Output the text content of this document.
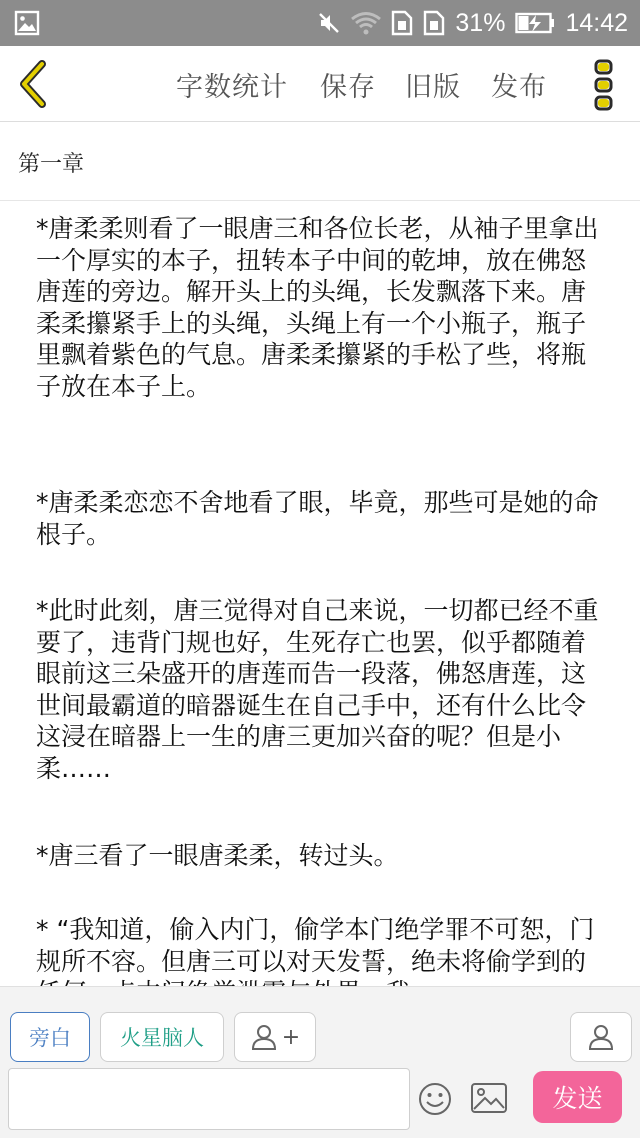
31% 14:42
字数统计 保存 旧版 发布
第一章

*唐柔柔则看了一眼唐三和各位长老，从袖子里拿出一个厚实的本子，扭转本子中间的乾坤，放在佛怒唐莲的旁边。解开头上的头绳，长发飘落下来。唐柔柔攥紧手上的头绳，头绳上有一个小瓶子，瓶子里飘着紫色的气息。唐柔柔攥紧的手松了些，将瓶子放在本子上。

*唐柔柔恋恋不舍地看了眼，毕竟，那些可是她的命根子。

*此时此刻，唐三觉得对自己来说，一切都已经不重要了，违背门规也好，生死存亡也罢，似乎都随着眼前这三朵盛开的唐莲而告一段落，佛怒唐莲，这世间最霸道的暗器诞生在自己手中，还有什么比令这浸在暗器上一生的唐三更加兴奋的呢？但是小柔……

*唐三看了一眼唐柔柔，转过头。

* “我知道，偷入内门，偷学本门绝学罪不可恕，门规所不容。但唐三可以对天发誓，绝未将偷学到的

旁白 火星脑人	+
发送
